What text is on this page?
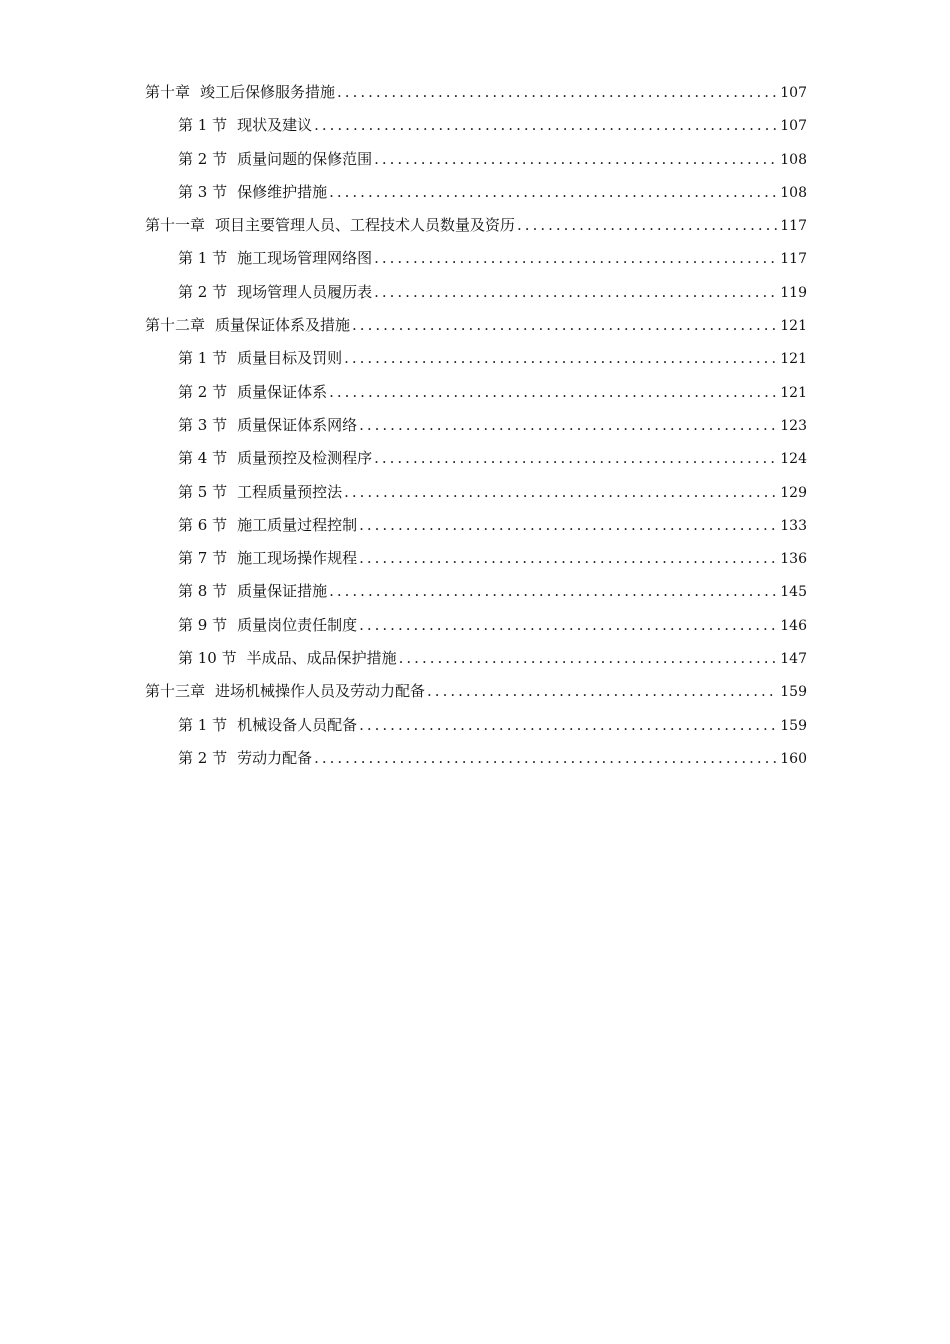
第十章 竣工后保修服务措施 .....	107
第 1 节 现状及建议 .....	107
第 2 节 质量问题的保修范围 .....	108
第 3 节 保修维护措施 .....	108
第十一章 项目主要管理人员、工程技术人员数量及资历 .....	117
第 1 节 施工现场管理网络图 .....	117
第 2 节 现场管理人员履历表 .....	119
第十二章 质量保证体系及措施 .....	121
第 1 节 质量目标及罚则 .....	121
第 2 节 质量保证体系 .....	121
第 3 节 质量保证体系网络 .....	123
第 4 节 质量预控及检测程序 .....	124
第 5 节 工程质量预控法 .....	129
第 6 节 施工质量过程控制 .....	133
第 7 节 施工现场操作规程 .....	136
第 8 节 质量保证措施 .....	145
第 9 节 质量岗位责任制度 .....	146
第 10 节 半成品、成品保护措施 .....	147
第十三章 进场机械操作人员及劳动力配备 .....	159
第 1 节 机械设备人员配备 .....	159
第 2 节 劳动力配备 .....	160
